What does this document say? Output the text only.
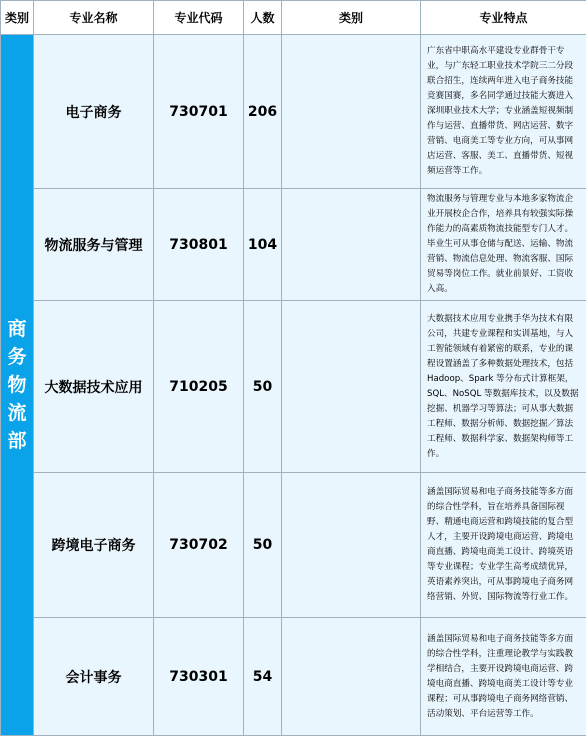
类别	专业名称	专业代码	人数	类别	专业特点
商务物流部	电子商务	730701	206		广东省中职高水平建设专业群骨干专业，与广东轻工职业技术学院三二分段联合招生，连续两年进入电子商务技能竞赛国赛，多名同学通过技能大赛进入深圳职业技术大学；专业涵盖短视频制作与运营、直播带货、网店运营、数字营销、电商美工等专业方向，可从事网店运营、客服、美工、直播带货、短视频运营等工作。
	物流服务与管理	730801	104		物流服务与管理专业与本地多家物流企业开展校企合作，培养具有较强实际操作能力的高素质物流技能型专门人才。毕业生可从事仓储与配送、运输、物流营销、物流信息处理、物流客服、国际贸易等岗位工作。就业前景好、工资收入高。
	大数据技术应用	710205	50		大数据技术应用专业携手华为技术有限公司，共建专业课程和实训基地，与人工智能领域有着紧密的联系，专业的课程设置涵盖了多种数据处理技术，包括 Hadoop、Spark 等分布式计算框架，SQL、NoSQL 等数据库技术，以及数据挖掘、机器学习等算法；可从事大数据工程师、数据分析师、数据挖掘／算法工程师、数据科学家、数据架构师等工作。
	跨境电子商务	730702	50		涵盖国际贸易和电子商务技能等多方面的综合性学科，旨在培养具备国际视野、精通电商运营和跨境技能的复合型人才，主要开设跨境电商运营、跨境电商直播、跨境电商美工设计、跨境英语等专业课程；专业学生高考成绩优异，英语素养突出，可从事跨境电子商务网络营销、外贸、国际物流等行业工作。
	会计事务	730301	54		涵盖国际贸易和电子商务技能等多方面的综合性学科，注重理论教学与实践教学相结合，主要开设跨境电商运营、跨境电商直播、跨境电商美工设计等专业课程；可从事跨境电子商务网络营销、活动策划、平台运营等工作。
